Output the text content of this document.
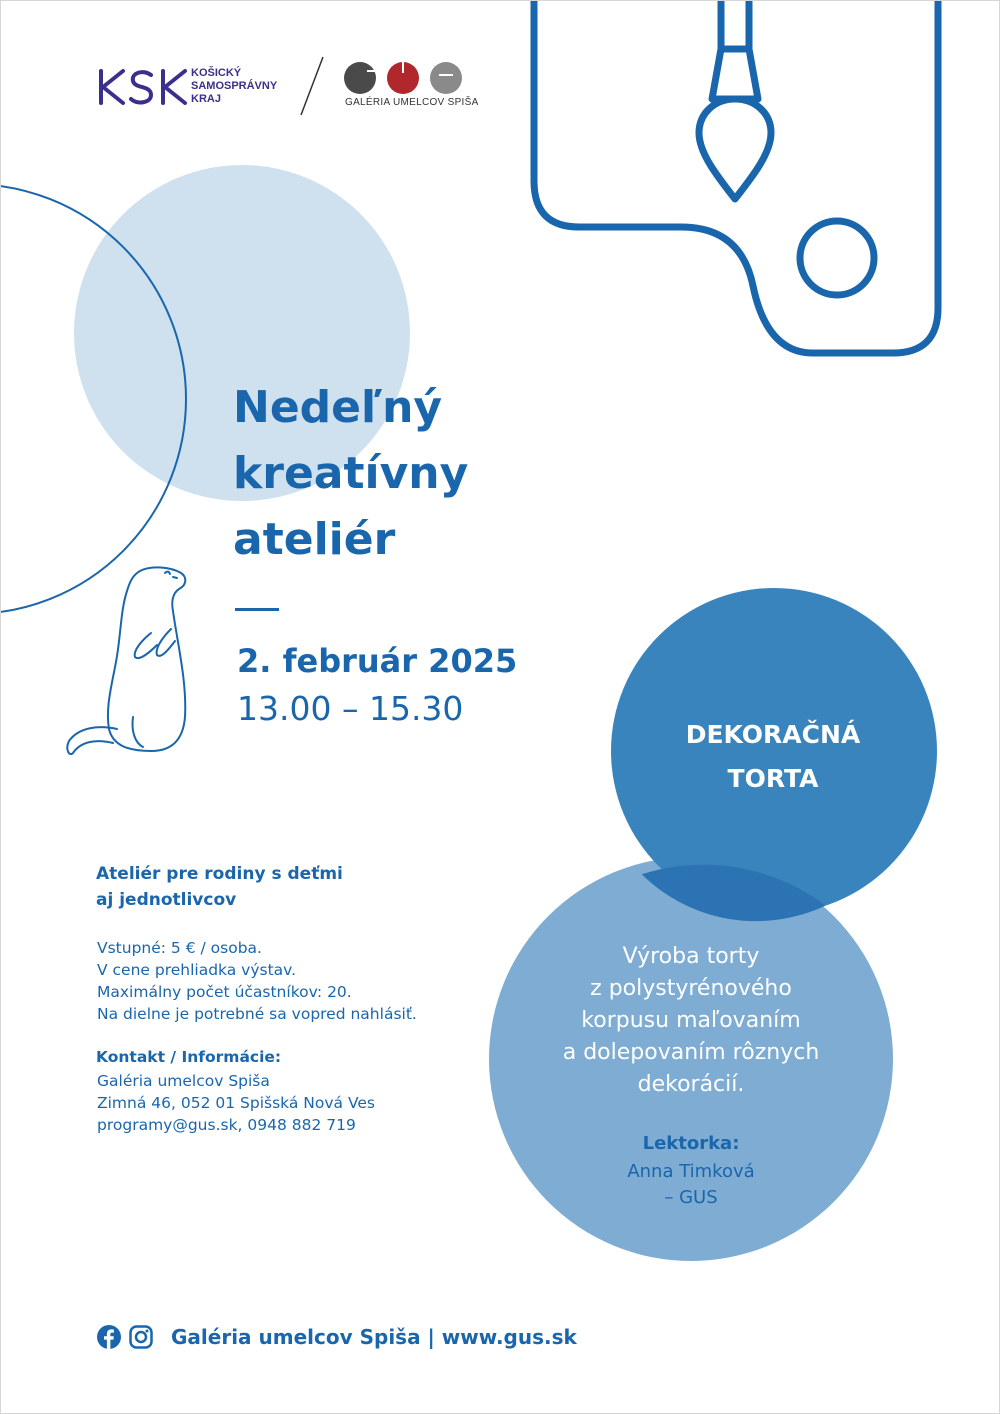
KOŠICKÝ
SAMOSPRÁVNY
KRAJ	GALÉRIA UMELCOV SPIŠA
Nedeľný
kreatívny
ateliér
2. február 2025
13.00 – 15.30
DEKORAČNÁ
TORTA
Výroba torty
z polystyrénového
korpusu maľovaním
a dolepovaním rôznych
dekorácií.
Lektorka:
Anna Timková
– GUS
Ateliér pre rodiny s deťmi
aj jednotlivcov
Vstupné: 5 € / osoba.
V cene prehliadka výstav.
Maximálny počet účastníkov: 20.
Na dielne je potrebné sa vopred nahlásiť.
Kontakt / Informácie:
Galéria umelcov Spiša
Zimná 46, 052 01 Spišská Nová Ves
programy@gus.sk, 0948 882 719
Galéria umelcov Spiša | www.gus.sk
